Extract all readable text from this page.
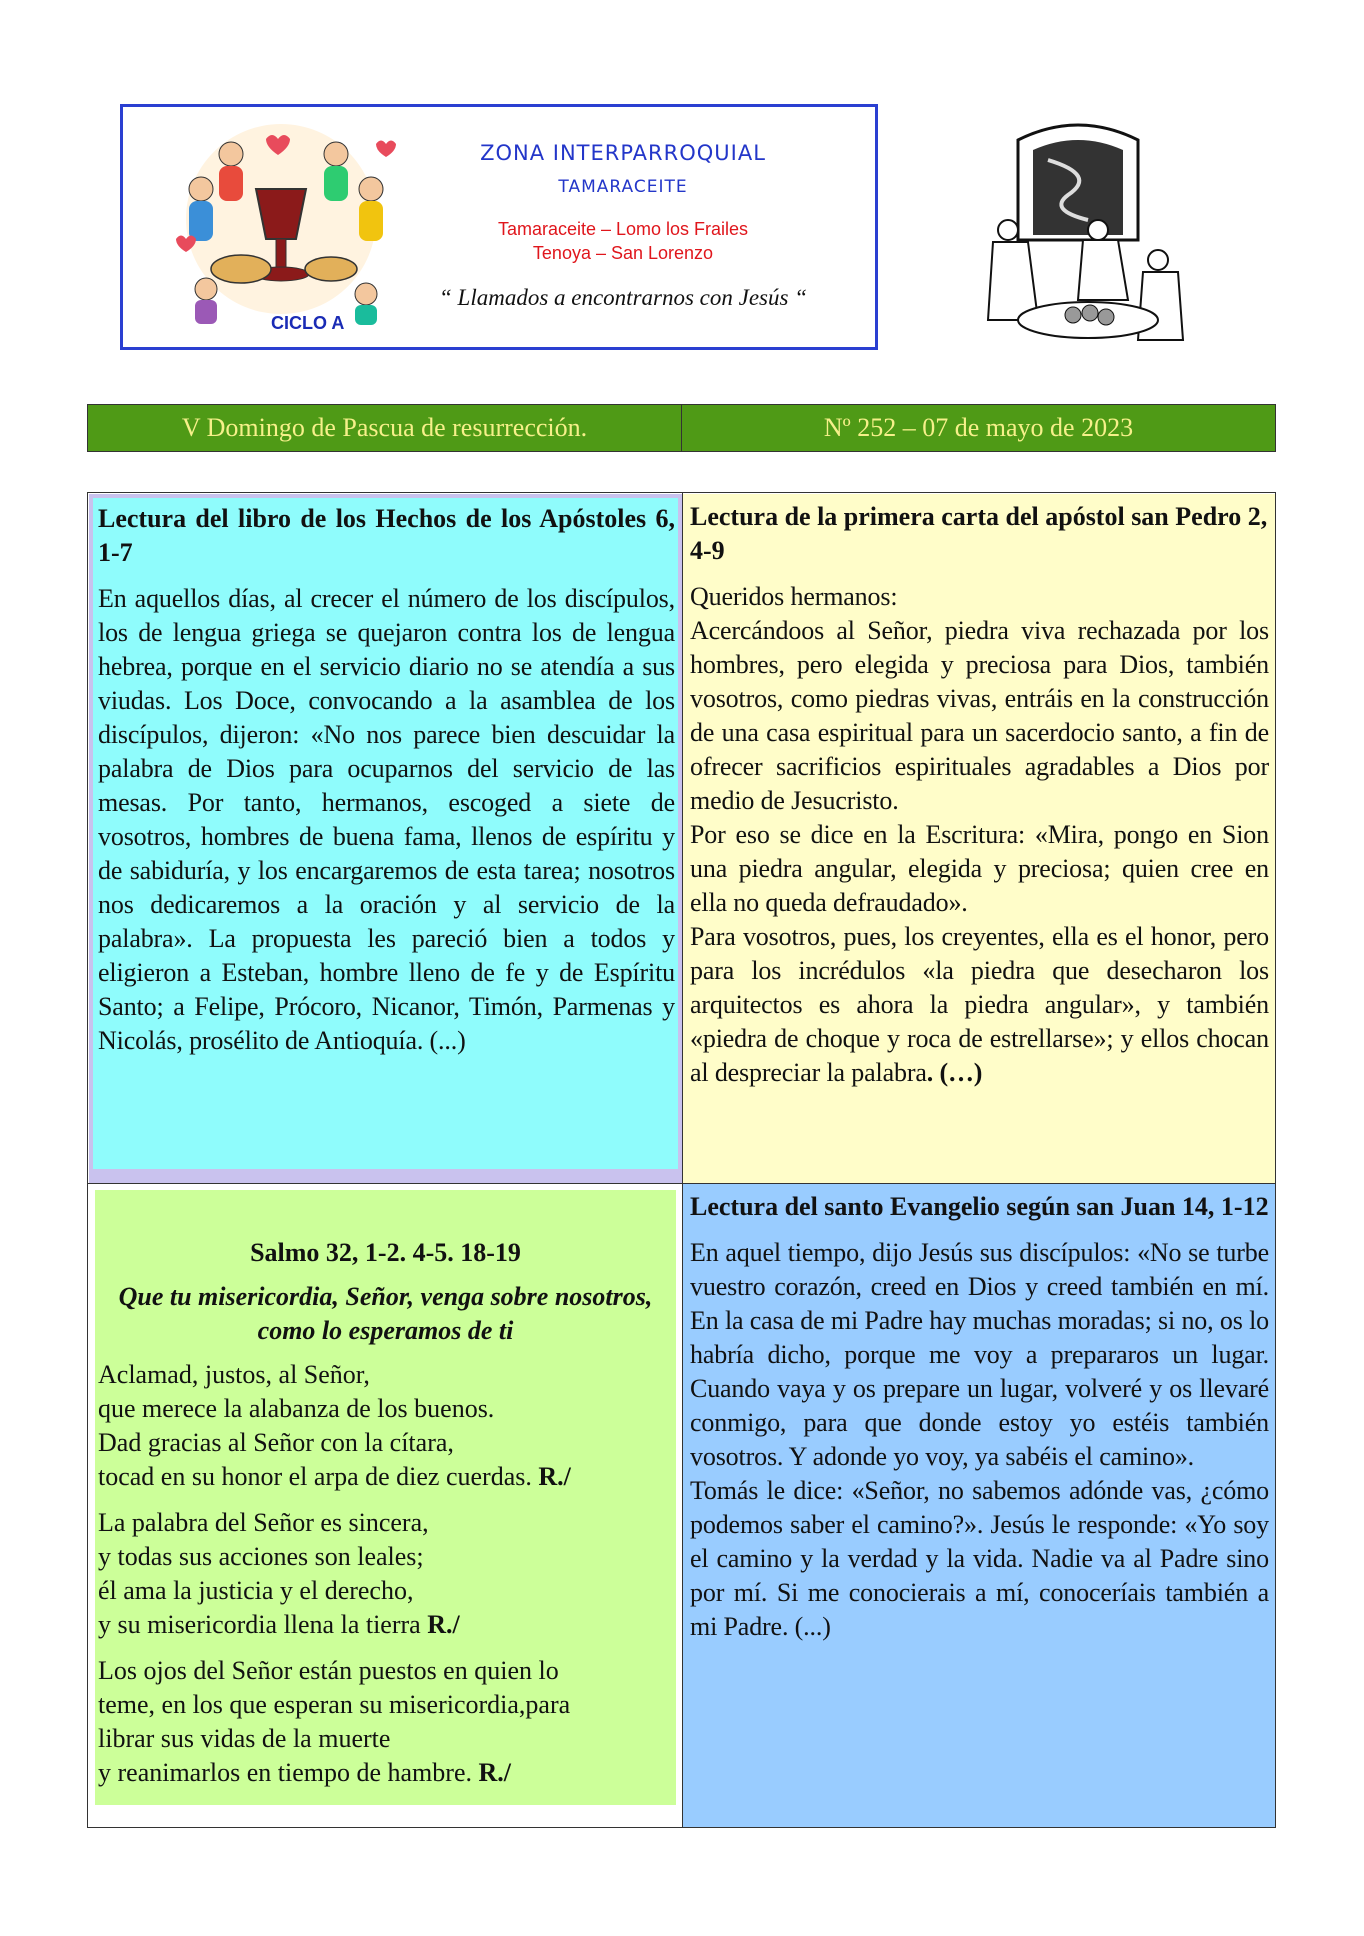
ZONA INTERPARROQUIAL
TAMARACEITE
Tamaraceite – Lomo los Frailes
Tenoya – San Lorenzo
“ Llamados a encontrarnos con Jesús “
CICLO A
V Domingo de Pascua de resurrección.	Nº 252 – 07 de mayo de 2023
Lectura del libro de los Hechos de los Apóstoles 6, 1-7
En aquellos días, al crecer el número de los discípulos, los de lengua griega se quejaron contra los de lengua hebrea, porque en el servicio diario no se atendía a sus viudas. Los Doce, convocando a la asamblea de los discípulos, dijeron: «No nos parece bien descuidar la palabra de Dios para ocuparnos del servicio de las mesas. Por tanto, hermanos, escoged a siete de vosotros, hombres de buena fama, llenos de espíritu y de sabiduría, y los encargaremos de esta tarea; nosotros nos dedicaremos a la oración y al servicio de la palabra». La propuesta les pareció bien a todos y eligieron a Esteban, hombre lleno de fe y de Espíritu Santo; a Felipe, Prócoro, Nicanor, Timón, Parmenas y Nicolás, prosélito de Antioquía. (...)
Lectura de la primera carta del apóstol san Pedro 2, 4-9

Queridos hermanos:

Acercándoos al Señor, piedra viva rechazada por los hombres, pero elegida y preciosa para Dios, también vosotros, como piedras vivas, entráis en la construcción de una casa espiritual para un sacerdocio santo, a fin de ofrecer sacrificios espirituales agradables a Dios por medio de Jesucristo.

Por eso se dice en la Escritura: «Mira, pongo en Sion una piedra angular, elegida y preciosa; quien cree en ella no queda defraudado».

Para vosotros, pues, los creyentes, ella es el honor, pero para los incrédulos «la piedra que desecharon los arquitectos es ahora la piedra angular», y también «piedra de choque y roca de estrellarse»; y ellos chocan al despreciar la palabra. (…)

Salmo 32, 1-2. 4-5. 18-19
Que tu misericordia, Señor, venga sobre nosotros, como lo esperamos de ti
Aclamad, justos, al Señor,
que merece la alabanza de los buenos.
Dad gracias al Señor con la cítara,
tocad en su honor el arpa de diez cuerdas. R./
La palabra del Señor es sincera,
y todas sus acciones son leales;
él ama la justicia y el derecho,
y su misericordia llena la tierra R./
Los ojos del Señor están puestos en quien lo
teme, en los que esperan su misericordia,para
librar sus vidas de la muerte
y reanimarlos en tiempo de hambre. R./
Lectura del santo Evangelio según san Juan 14, 1-12

En aquel tiempo, dijo Jesús sus discípulos: «No se turbe vuestro corazón, creed en Dios y creed también en mí. En la casa de mi Padre hay muchas moradas; si no, os lo habría dicho, porque me voy a prepararos un lugar. Cuando vaya y os prepare un lugar, volveré y os llevaré conmigo, para que donde estoy yo estéis también vosotros. Y adonde yo voy, ya sabéis el camino».

Tomás le dice: «Señor, no sabemos adónde vas, ¿cómo podemos saber el camino?». Jesús le responde: «Yo soy el camino y la verdad y la vida. Nadie va al Padre sino por mí. Si me conocierais a mí, conoceríais también a mi Padre. (...)
